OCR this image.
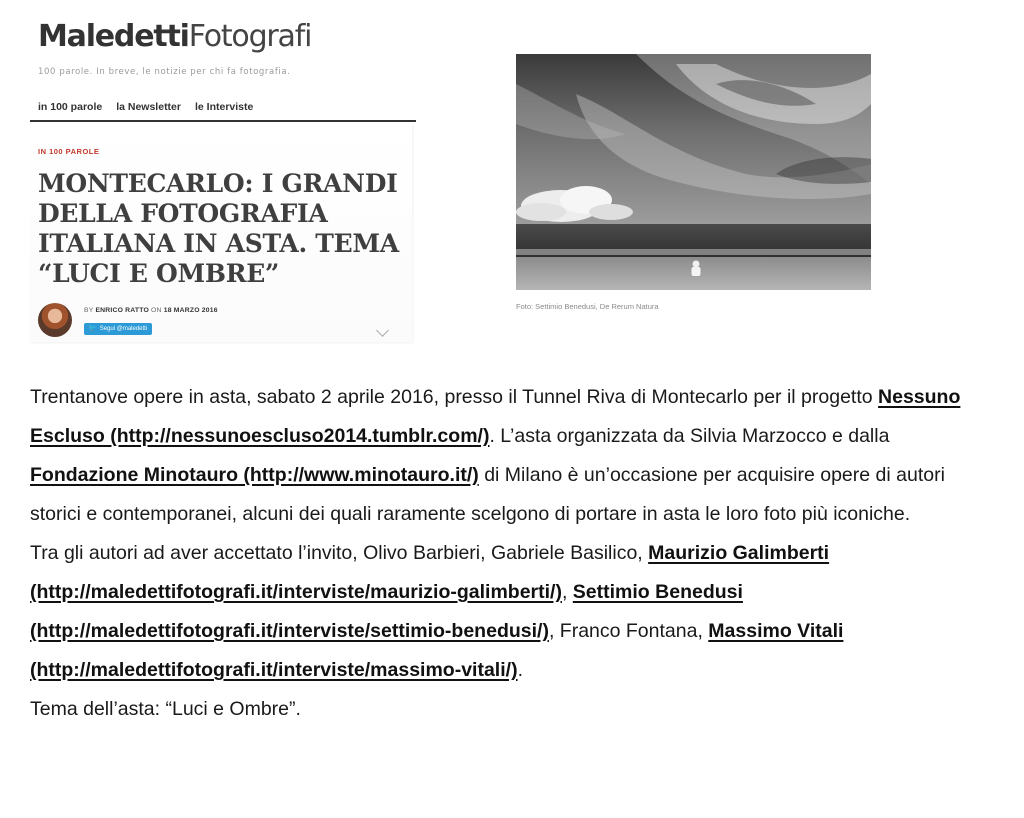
MaledettiFotografi
100 parole. In breve, le notizie per chi fa fotografia.
in 100 parole la Newsletter le Interviste
IN 100 PAROLE
MONTECARLO: I GRANDI DELLA FOTOGRAFIA ITALIANA IN ASTA. TEMA “LUCI E OMBRE”
BY ENRICO RATTO ON 18 MARZO 2016
🐦 Segui @maledetti
Foto: Settimio Benedusi, De Rerum Natura

Trentanove opere in asta, sabato 2 aprile 2016, presso il Tunnel Riva di Montecarlo per il progetto Nessuno Escluso (http://nessunoescluso2014.tumblr.com/). L’asta organizzata da Silvia Marzocco e dalla Fondazione Minotauro (http://www.minotauro.it/) di Milano è un’occasione per acquisire opere di autori storici e contemporanei, alcuni dei quali raramente scelgono di portare in asta le loro foto più iconiche.

Tra gli autori ad aver accettato l’invito, Olivo Barbieri, Gabriele Basilico, Maurizio Galimberti (http://maledettifotografi.it/interviste/maurizio-galimberti/), Settimio Benedusi (http://maledettifotografi.it/interviste/settimio-benedusi/), Franco Fontana, Massimo Vitali (http://maledettifotografi.it/interviste/massimo-vitali/).

Tema dell’asta: “Luci e Ombre”.
